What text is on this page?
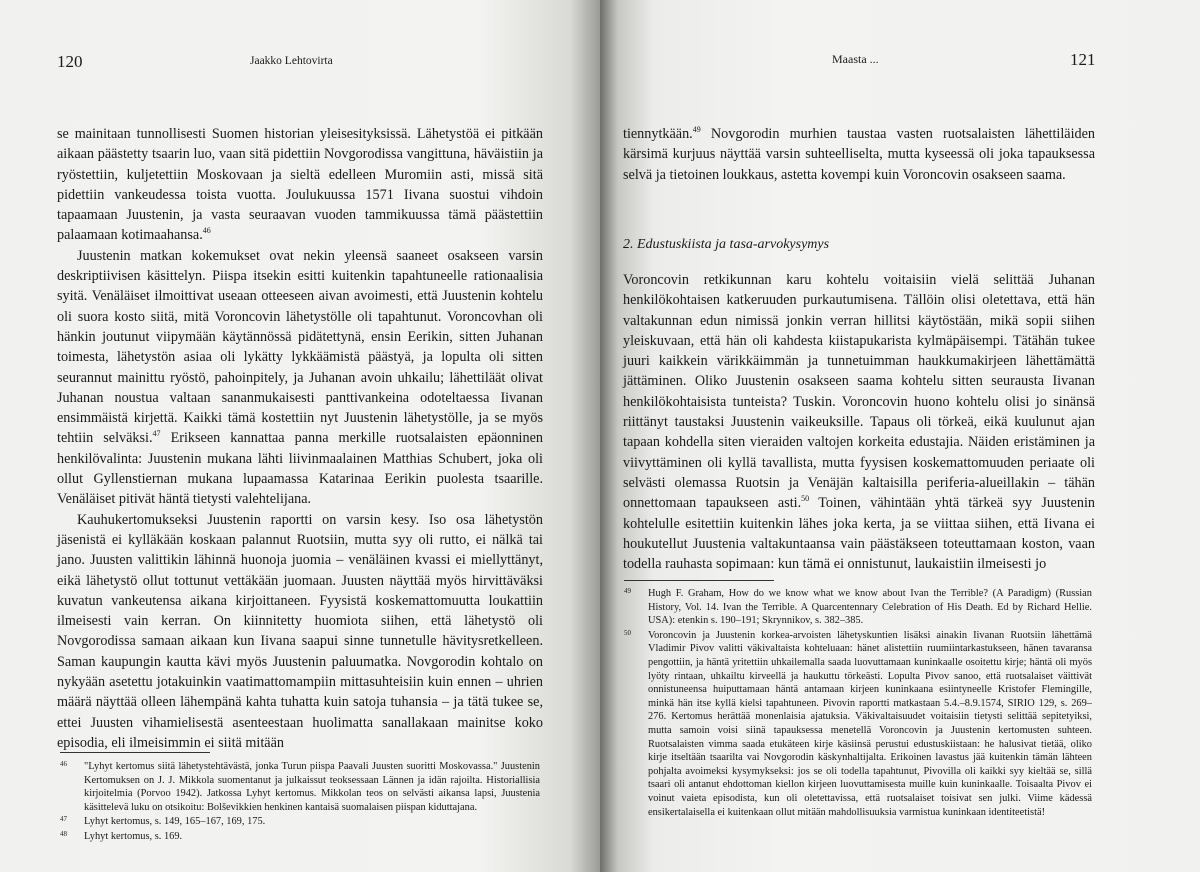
120	Jaakko Lehtovirta

se mainitaan tunnollisesti Suomen historian yleisesityksissä. Lähetystöä ei pitkään aikaan päästetty tsaarin luo, vaan sitä pidettiin Novgorodissa vangittuna, häväistiin ja ryöstettiin, kuljetettiin Moskovaan ja sieltä edelleen Muromiin asti, missä sitä pidettiin vankeudessa toista vuotta. Joulukuussa 1571 Iivana suostui vihdoin tapaamaan Juustenin, ja vasta seuraavan vuoden tammikuussa tämä päästettiin palaamaan kotimaahansa.$^{46}$

Juustenin matkan kokemukset ovat nekin yleensä saaneet osakseen varsin deskriptiivisen käsittelyn. Piispa itsekin esitti kuitenkin tapahtuneelle rationaalisia syitä. Venäläiset ilmoittivat useaan otteeseen aivan avoimesti, että Juustenin kohtelu oli suora kosto siitä, mitä Voroncovin lähetystölle oli tapahtunut. Voroncovhan oli hänkin joutunut viipymään käytännössä pidätettynä, ensin Eerikin, sitten Juhanan toimesta, lähetystön asiaa oli lykätty lykkäämistä päästyä, ja lopulta oli sitten seurannut mainittu ryöstö, pahoinpitely, ja Juhanan avoin uhkailu; lähettiläät olivat Juhanan noustua valtaan sananmukaisesti panttivankeina odoteltaessa Iivanan ensimmäistä kirjettä. Kaikki tämä kostettiin nyt Juustenin lähetystölle, ja se myös tehtiin selväksi.$^{47}$ Erikseen kannattaa panna merkille ruotsalaisten epäonninen henkilövalinta: Juustenin mukana lähti liivinmaalainen Matthias Schubert, joka oli ollut Gyllenstiernan mukana lupaamassa Katarinaa Eerikin puolesta tsaarille. Venäläiset pitivät häntä tietysti valehtelijana.

Kauhukertomukseksi Juustenin raportti on varsin kesy. Iso osa lähetystön jäsenistä ei kylläkään koskaan palannut Ruotsiin, mutta syy oli rutto, ei nälkä tai jano. Juusten valittikin lähinnä huonoja juomia – venäläinen kvassi ei miellyttänyt, eikä lähetystö ollut tottunut vettäkään juomaan. Juusten näyttää myös hirvittäväksi kuvatun vankeutensa aikana kirjoittaneen. Fyysistä koskemattomuutta loukattiin ilmeisesti vain kerran. On kiinnitetty huomiota siihen, että lähetystö oli Novgorodissa samaan aikaan kun Iivana saapui sinne tunnetulle hävitysretkelleen. Saman kaupungin kautta kävi myös Juustenin paluumatka. Novgorodin kohtalo on nykyään asetettu jotakuinkin vaatimattomampiin mittasuhteisiin kuin ennen – uhrien määrä näyttää olleen lähempänä kahta tuhatta kuin satoja tuhansia – ja tätä tukee se, ettei Juusten vihamielisestä asenteestaan huolimatta sanallakaan mainitse koko episodia, eli ilmeisimmin ei siitä mitään

46 "Lyhyt kertomus siitä lähetystehtävästä, jonka Turun piispa Paavali Juusten suoritti Moskovassa." Juustenin Kertomuksen on J. J. Mikkola suomentanut ja julkaissut teoksessaan Lännen ja idän rajoilta. Historiallisia kirjoitelmia (Porvoo 1942). Jatkossa Lyhyt kertomus. Mikkolan teos on selvästi aikansa lapsi, Juustenia käsittelevä luku on otsikoitu: Bolševikkien henkinen kantaisä suomalaisen piispan kiduttajana.
47 Lyhyt kertomus, s. 149, 165–167, 169, 175.
48 Lyhyt kertomus, s. 169.
Maasta ...	121

tiennytkään.$^{49}$ Novgorodin murhien taustaa vasten ruotsalaisten lähettiläiden kärsimä kurjuus näyttää varsin suhteelliselta, mutta kyseessä oli joka tapauksessa selvä ja tietoinen loukkaus, astetta kovempi kuin Voroncovin osakseen saama.

2. Edustuskiista ja tasa-arvokysymys

Voroncovin retkikunnan karu kohtelu voitaisiin vielä selittää Juhanan henkilökohtaisen katkeruuden purkautumisena. Tällöin olisi oletettava, että hän valtakunnan edun nimissä jonkin verran hillitsi käytöstään, mikä sopii siihen yleiskuvaan, että hän oli kahdesta kiistapukarista kylmäpäisempi. Tätähän tukee juuri kaikkein värikkäimmän ja tunnetuimman haukkumakirjeen lähettämättä jättäminen. Oliko Juustenin osakseen saama kohtelu sitten seurausta Iivanan henkilökohtaisista tunteista? Tuskin. Voroncovin huono kohtelu olisi jo sinänsä riittänyt taustaksi Juustenin vaikeuksille. Tapaus oli törkeä, eikä kuulunut ajan tapaan kohdella siten vieraiden valtojen korkeita edustajia. Näiden eristäminen ja viivyttäminen oli kyllä tavallista, mutta fyysisen koskemattomuuden periaate oli selvästi olemassa Ruotsin ja Venäjän kaltaisilla periferia-alueillakin – tähän onnettomaan tapaukseen asti.$^{50}$ Toinen, vähintään yhtä tärkeä syy Juustenin kohtelulle esitettiin kuitenkin lähes joka kerta, ja se viittaa siihen, että Iivana ei houkutellut Juustenia valtakuntaansa vain päästäkseen toteuttamaan koston, vaan todella rauhasta sopimaan: kun tämä ei onnistunut, laukaistiin ilmeisesti jo

49 Hugh F. Graham, How do we know what we know about Ivan the Terrible? (A Paradigm) (Russian History, Vol. 14. Ivan the Terrible. A Quarcentennary Celebration of His Death. Ed by Richard Hellie. USA): etenkin s. 190–191; Skrynnikov, s. 382–385.
50 Voroncovin ja Juustenin korkea-arvoisten lähetyskuntien lisäksi ainakin Iivanan Ruotsiin lähettämä Vladimir Pivov valitti väkivaltaista kohteluaan: hänet alistettiin ruumiintarkastukseen, hänen tavaransa pengottiin, ja häntä yritettiin uhkailemalla saada luovuttamaan kuninkaalle osoitettu kirje; häntä oli myös lyöty rintaan, uhkailtu kirveellä ja haukuttu törkeästi. Lopulta Pivov sanoo, että ruotsalaiset väittivät onnistuneensa huiputtamaan häntä antamaan kirjeen kuninkaana esiintyneelle Kristofer Flemingille, minkä hän itse kyllä kielsi tapahtuneen. Pivovin raportti matkastaan 5.4.–8.9.1574, SIRIO 129, s. 269–276. Kertomus herättää monenlaisia ajatuksia. Väkivaltaisuudet voitaisiin tietysti selittää sepitetyiksi, mutta samoin voisi siinä tapauksessa menetellä Voroncovin ja Juustenin kertomusten suhteen. Ruotsalaisten vimma saada etukäteen kirje käsiinsä perustui edustuskiistaan: he halusivat tietää, oliko kirje itseltään tsaarilta vai Novgorodin käskynhaltijalta. Erikoinen lavastus jää kuitenkin tämän lähteen pohjalta avoimeksi kysymykseksi: jos se oli todella tapahtunut, Pivovilla oli kaikki syy kieltää se, sillä tsaari oli antanut ehdottoman kiellon kirjeen luovuttamisesta muille kuin kuninkaalle. Toisaalta Pivov ei voinut vaieta episodista, kun oli oletettavissa, että ruotsalaiset toisivat sen julki. Viime kädessä ensikertalaisella ei kuitenkaan ollut mitään mahdollisuuksia varmistua kuninkaan identiteetistä!
